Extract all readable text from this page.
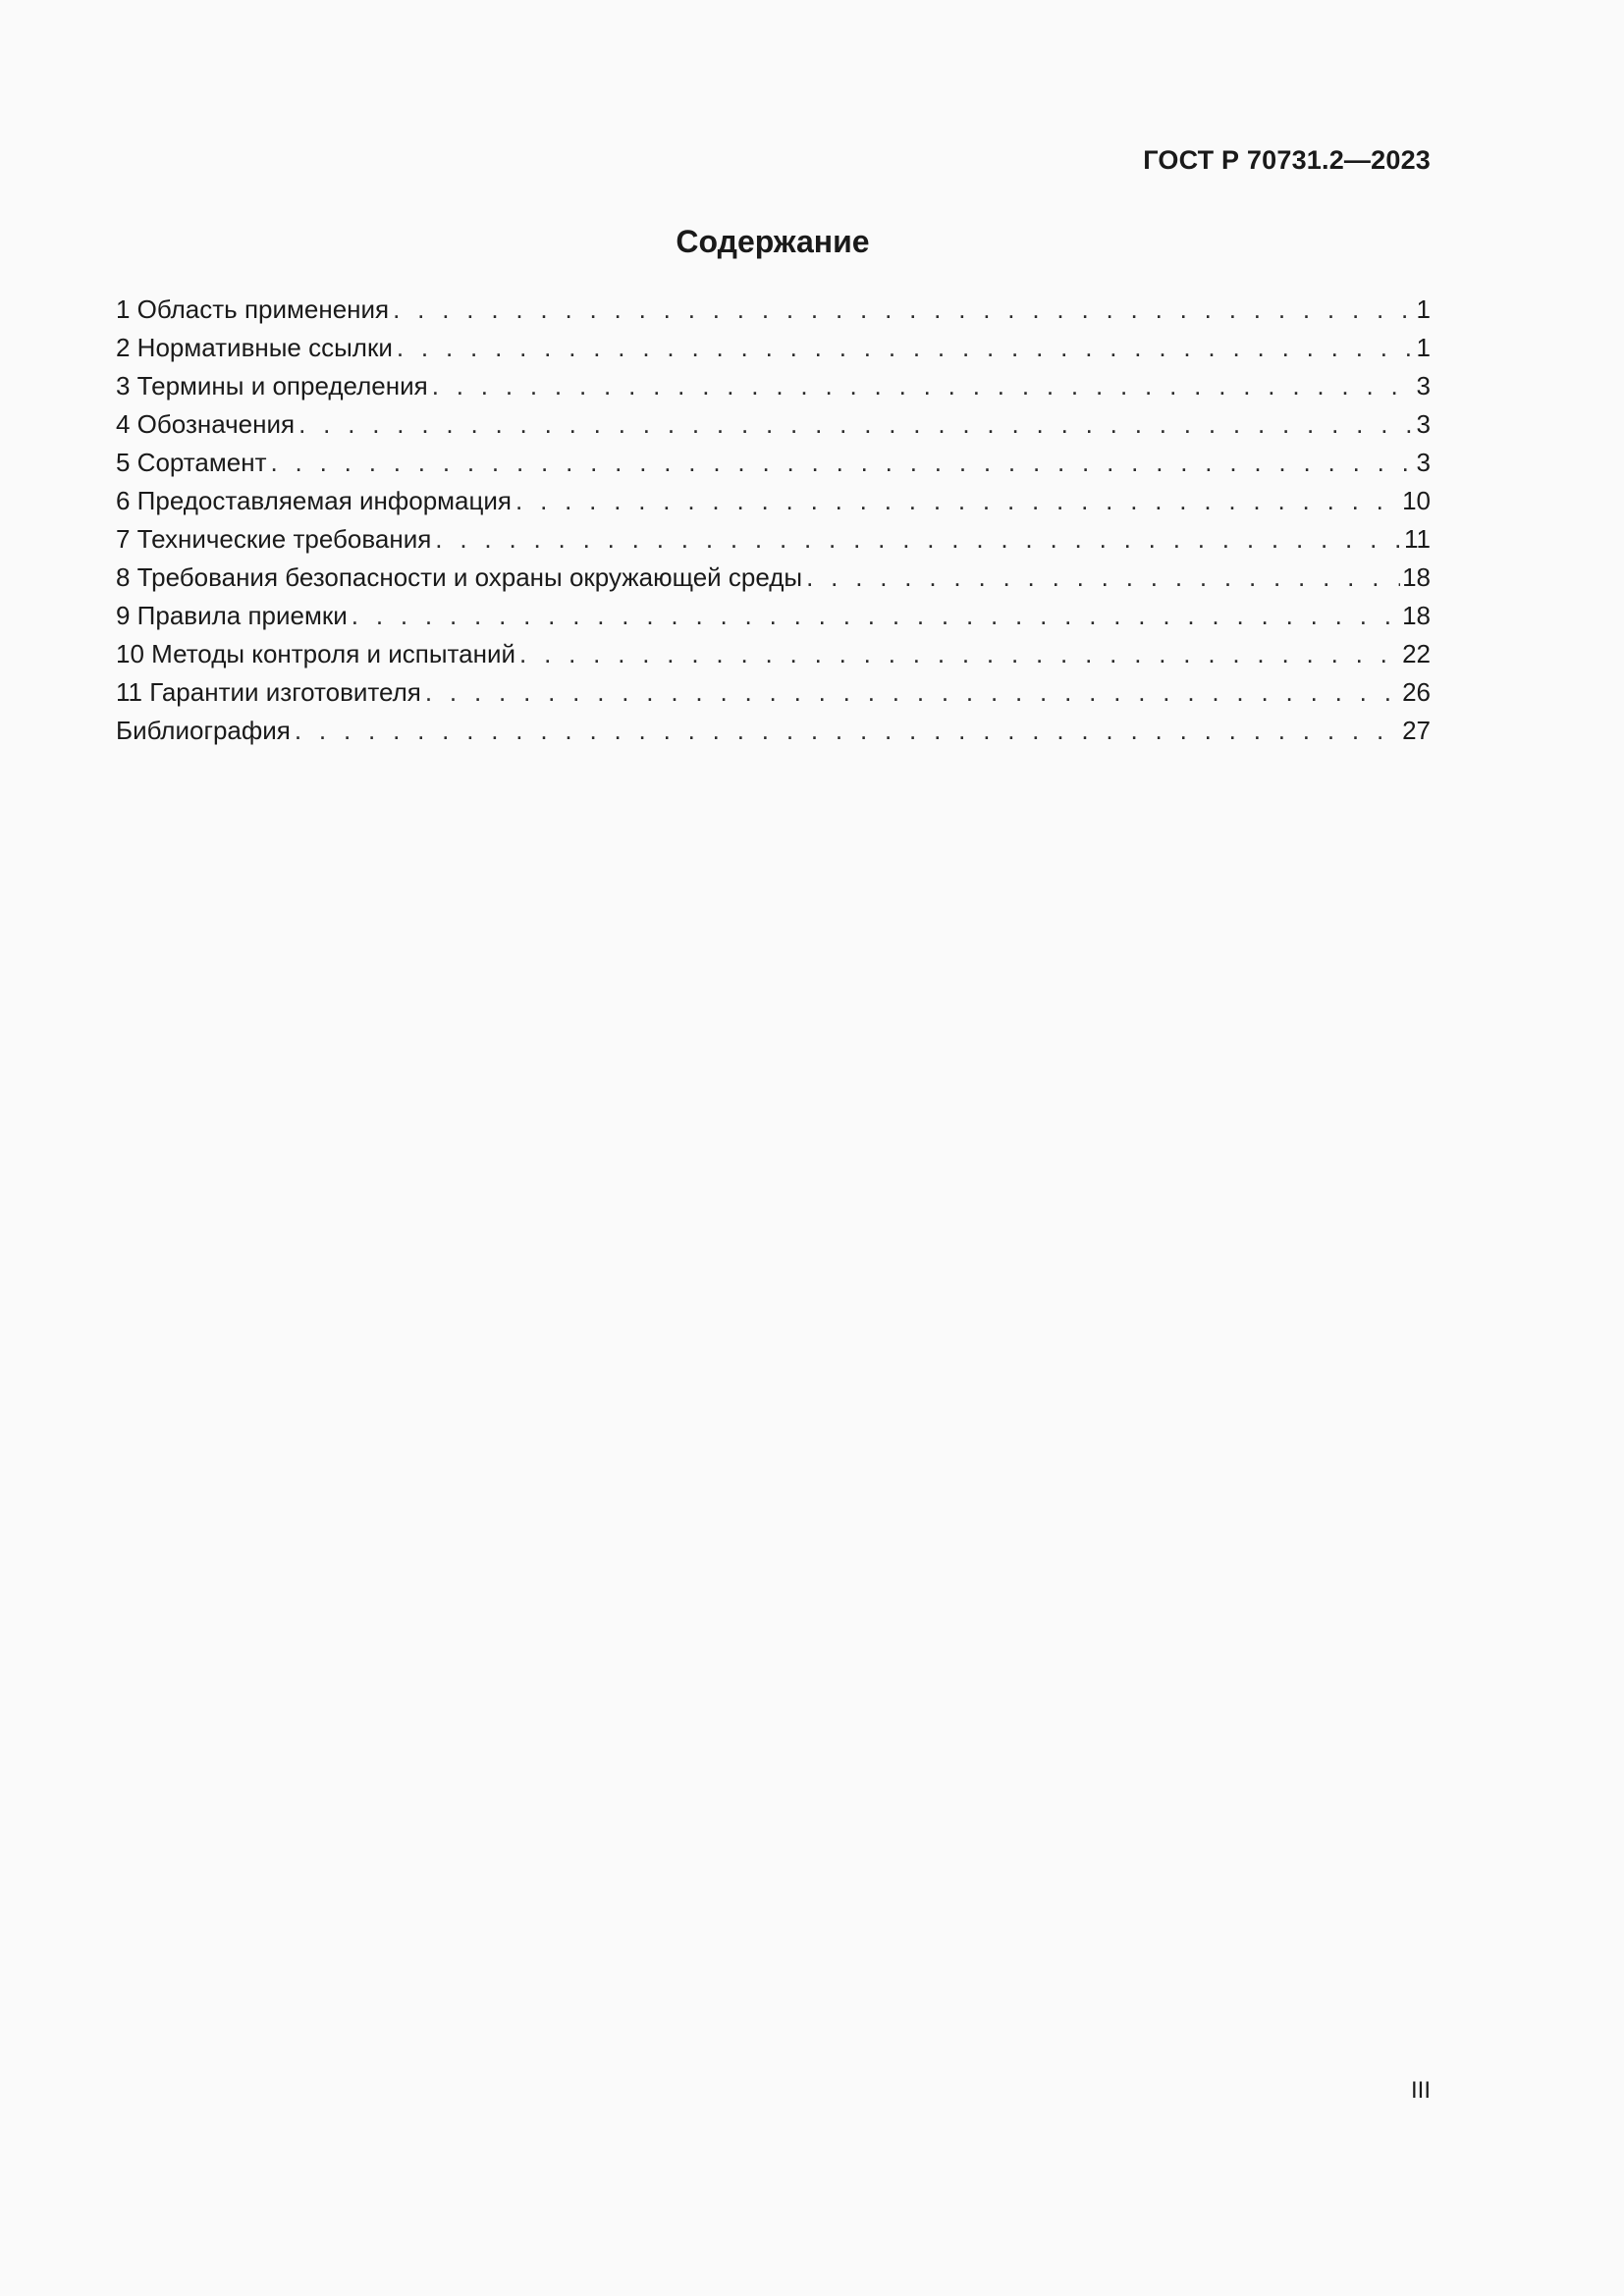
ГОСТ Р 70731.2—2023
Содержание
1 Область применения . . .	1
2 Нормативные ссылки . . .	1
3 Термины и определения . . .	3
4 Обозначения . . .	3
5 Сортамент . . .	3
6 Предоставляемая информация . . .	10
7 Технические требования . . .	11
8 Требования безопасности и охраны окружающей среды . . .	18
9 Правила приемки . . .	18
10 Методы контроля и испытаний . . .	22
11 Гарантии изготовителя . . .	26
Библиография . . .	27
III
